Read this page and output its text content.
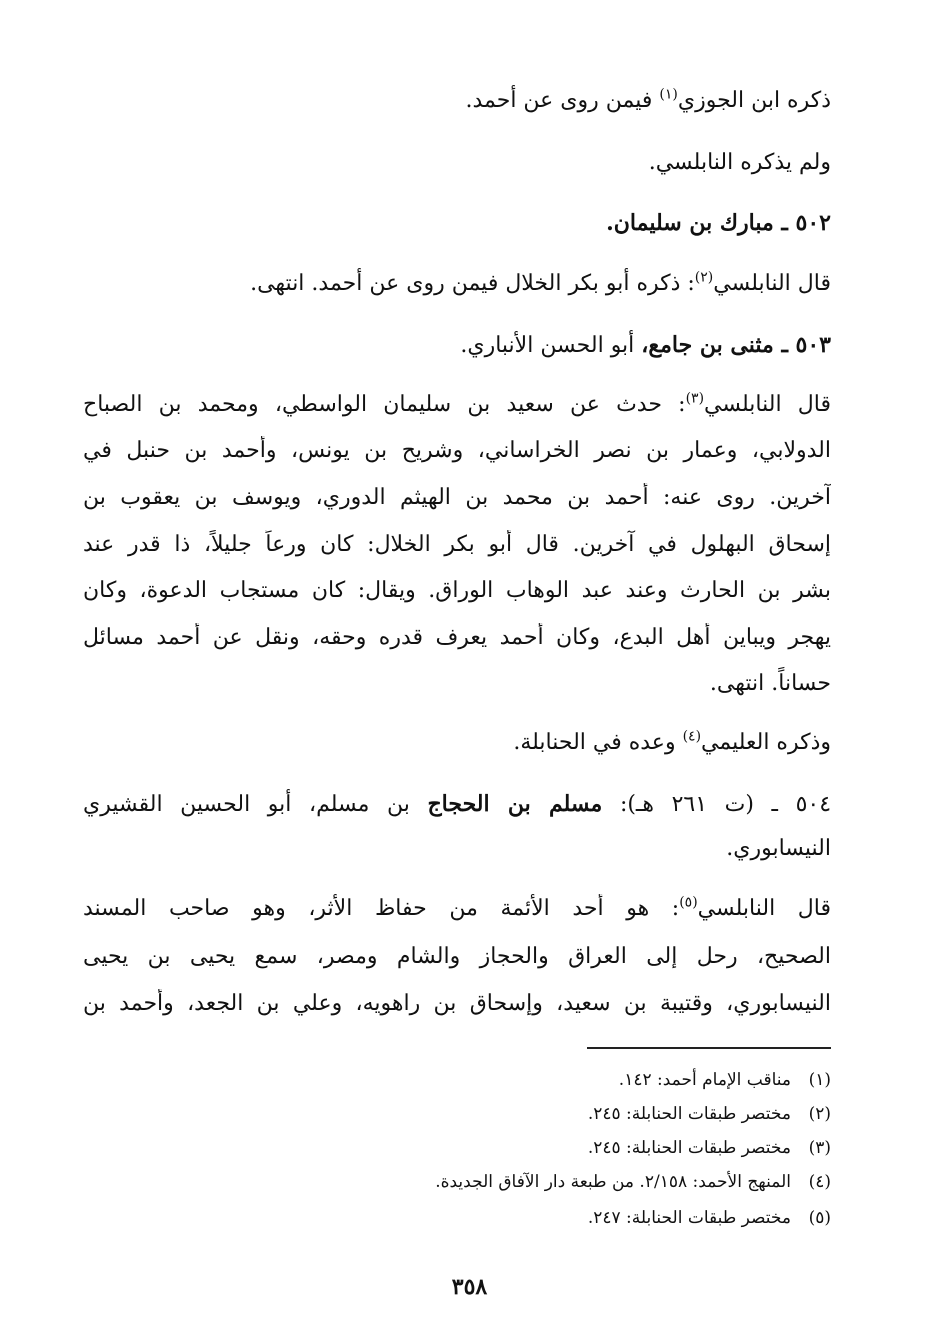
ذكره ابن الجوزي$^{(١)}$ فيمن روى عن أحمد.
ولم يذكره النابلسي.
٥٠٢ ـ مبارك بن سليمان.
قال النابلسي$^{(٢)}$: ذكره أبو بكر الخلال فيمن روى عن أحمد. انتهى.
٥٠٣ ـ مثنى بن جامع، أبو الحسن الأنباري.
قال النابلسي$^{(٣)}$: حدث عن سعيد بن سليمان الواسطي، ومحمد بن الصباح
الدولابي، وعمار بن نصر الخراساني، وشريح بن يونس، وأحمد بن حنبل في
آخرين. روى عنه: أحمد بن محمد بن الهيثم الدوري، ويوسف بن يعقوب بن
إسحاق البهلول في آخرين. قال أبو بكر الخلال: كان ورعاً جليلاً، ذا قدر عند
بشر بن الحارث وعند عبد الوهاب الوراق. ويقال: كان مستجاب الدعوة، وكان
يهجر ويباين أهل البدع، وكان أحمد يعرف قدره وحقه، ونقل عن أحمد مسائل
حساناً. انتهى.
وذكره العليمي$^{(٤)}$ وعده في الحنابلة.
٥٠٤ ـ (ت ٢٦١ هـ): مسلم بن الحجاج بن مسلم، أبو الحسين القشيري
النيسابوري.
قال النابلسي$^{(٥)}$: هو أحد الأئمة من حفاظ الأثر، وهو صاحب المسند
الصحيح، رحل إلى العراق والحجاز والشام ومصر، سمع يحيى بن يحيى
النيسابوري، وقتيبة بن سعيد، وإسحاق بن راهويه، وعلي بن الجعد، وأحمد بن
(١)مناقب الإمام أحمد: ١٤٢.
(٢)مختصر طبقات الحنابلة: ٢٤٥.
(٣)مختصر طبقات الحنابلة: ٢٤٥.
(٤)المنهج الأحمد: ٢/١٥٨. من طبعة دار الآفاق الجديدة.
(٥)مختصر طبقات الحنابلة: ٢٤٧.
٣٥٨
